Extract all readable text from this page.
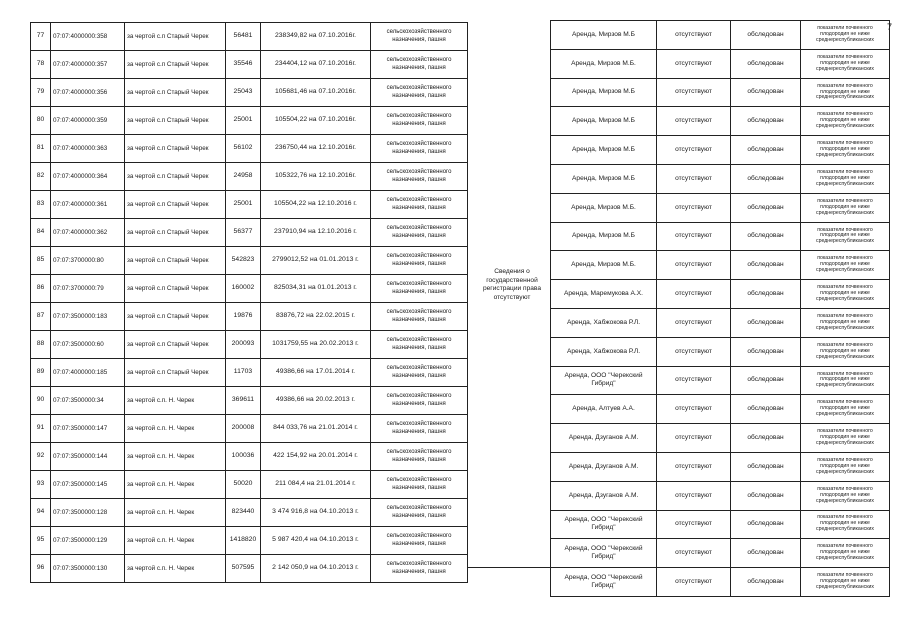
7
77	07:07:4000000:358	за чертой с.п Старый Черек	56481	238349,82 на 07.10.2016г.	сельскохозяйственного назначения, пашня
78	07:07:4000000:357	за чертой с.п Старый Черек	35546	234404,12 на 07.10.2016г.	сельскохозяйственного назначения, пашня
79	07:07:4000000:356	за чертой с.п Старый Черек	25043	105681,46 на 07.10.2016г.	сельскохозяйственного назначения, пашня
80	07:07:4000000:359	за чертой с.п Старый Черек	25001	105504,22 на 07.10.2016г.	сельскохозяйственного назначения, пашня
81	07:07:4000000:363	за чертой с.п Старый Черек	56102	236750,44 на 12.10.2016г.	сельскохозяйственного назначения, пашня
82	07:07:4000000:364	за чертой с.п Старый Черек	24958	105322,76 на 12.10.2016г.	сельскохозяйственного назначения, пашня
83	07:07:4000000:361	за чертой с.п Старый Черек	25001	105504,22 на 12.10.2016 г.	сельскохозяйственного назначения, пашня
84	07:07:4000000:362	за чертой с.п Старый Черек	56377	237910,94 на 12.10.2016 г.	сельскохозяйственного назначения, пашня
85	07:07:3700000:80	за чертой с.п Старый Черек	542823	2799012,52 на 01.01.2013 г.	сельскохозяйственного назначения, пашня
86	07:07:3700000:79	за чертой с.п Старый Черек	160002	825034,31 на 01.01.2013 г.	сельскохозяйственного назначения, пашня
87	07:07:3500000:183	за чертой с.п Старый Черек	19876	83876,72 на 22.02.2015 г.	сельскохозяйственного назначения, пашня
88	07:07:3500000:60	за чертой с.п Старый Черек	200093	1031759,55 на 20.02.2013 г.	сельскохозяйственного назначения, пашня
89	07:07:4000000:185	за чертой с.п Старый Черек	11703	49386,66 на 17.01.2014 г.	сельскохозяйственного назначения, пашня
90	07:07:3500000:34	за чертой с.п. Н. Черек	369611	49386,66 на 20.02.2013 г.	сельскохозяйственного назначения, пашня
91	07:07:3500000:147	за чертой с.п. Н. Черек	200008	844 033,76 на 21.01.2014 г.	сельскохозяйственного назначения, пашня
92	07:07:3500000:144	за чертой с.п. Н. Черек	100036	422 154,92 на 20.01.2014 г.	сельскохозяйственного назначения, пашня
93	07:07:3500000:145	за чертой с.п. Н. Черек	50020	211 084,4 на 21.01.2014 г.	сельскохозяйственного назначения, пашня
94	07:07:3500000:128	за чертой с.п. Н. Черек	823440	3 474 916,8 на 04.10.2013 г.	сельскохозяйственного назначения, пашня
95	07:07:3500000:129	за чертой с.п. Н. Черек	1418820	5 987 420,4 на 04.10.2013 г.	сельскохозяйственного назначения, пашня
96	07:07:3500000:130	за чертой с.п. Н. Черек	507595	2 142 050,9 на 04.10.2013 г.	сельскохозяйственного назначения, пашня
Сведения о государственной регистрации права отсутствуют
Аренда, Мирзов М.Б	отсутствуют	обследован	показатели почвенного плодородия не ниже среднереспубликанских
Аренда, Мирзов М.Б.	отсутствуют	обследован	показатели почвенного плодородия не ниже среднереспубликанских
Аренда, Мирзов М.Б	отсутствуют	обследован	показатели почвенного плодородия не ниже среднереспубликанских
Аренда, Мирзов М.Б	отсутствуют	обследован	показатели почвенного плодородия не ниже среднереспубликанских
Аренда, Мирзов М.Б	отсутствуют	обследован	показатели почвенного плодородия не ниже среднереспубликанских
Аренда, Мирзов М.Б	отсутствуют	обследован	показатели почвенного плодородия не ниже среднереспубликанских
Аренда, Мирзов М.Б.	отсутствуют	обследован	показатели почвенного плодородия не ниже среднереспубликанских
Аренда, Мирзов М.Б	отсутствуют	обследован	показатели почвенного плодородия не ниже среднереспубликанских
Аренда, Мирзов М.Б.	отсутствуют	обследован	показатели почвенного плодородия не ниже среднереспубликанских
Аренда, Маремукова А.Х.	отсутствуют	обследован	показатели почвенного плодородия не ниже среднереспубликанских
Аренда, Хабжокова Р.Л.	отсутствуют	обследован	показатели почвенного плодородия не ниже среднереспубликанских
Аренда, Хабжокова Р.Л.	отсутствуют	обследован	показатели почвенного плодородия не ниже среднереспубликанских
Аренда, ООО "Черекский Гибрид"	отсутствуют	обследован	показатели почвенного плодородия не ниже среднереспубликанских
Аренда, Алтуев А.А.	отсутствуют	обследован	показатели почвенного плодородия не ниже среднереспубликанских
Аренда, Дзуганов А.М.	отсутствуют	обследован	показатели почвенного плодородия не ниже среднереспубликанских
Аренда, Дзуганов А.М.	отсутствуют	обследован	показатели почвенного плодородия не ниже среднереспубликанских
Аренда, Дзуганов А.М.	отсутствуют	обследован	показатели почвенного плодородия не ниже среднереспубликанских
Аренда, ООО "Черекский Гибрид"	отсутствуют	обследован	показатели почвенного плодородия не ниже среднереспубликанских
Аренда, ООО "Черекский Гибрид"	отсутствуют	обследован	показатели почвенного плодородия не ниже среднереспубликанских
Аренда, ООО "Черекский Гибрид"	отсутствуют	обследован	показатели почвенного плодородия не ниже среднереспубликанских
